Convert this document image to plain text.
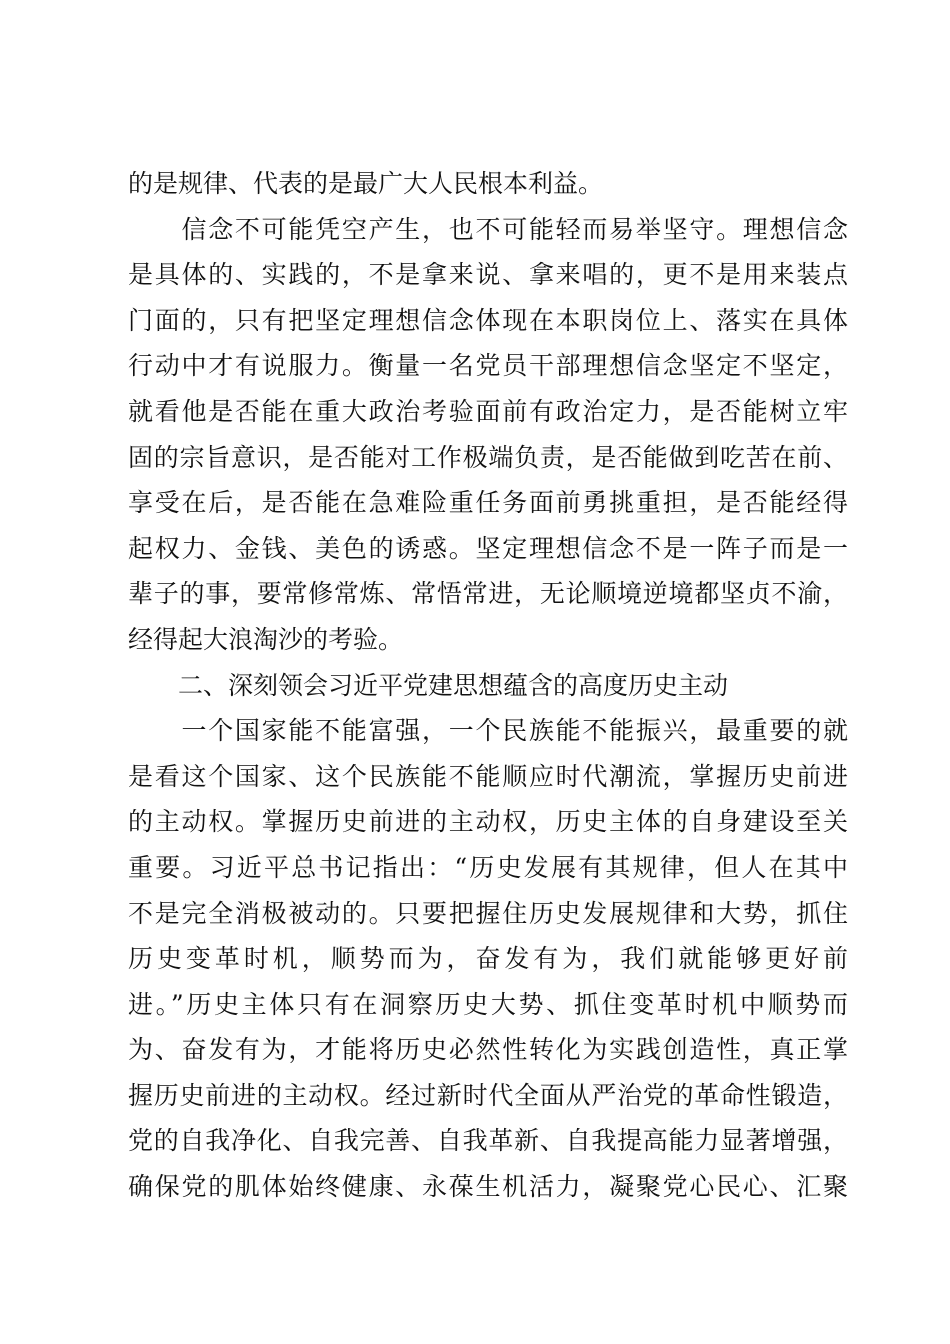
的是规律、代表的是最广大人民根本利益。
　　信念不可能凭空产生，也不可能轻而易举坚守。理想信念
是具体的、实践的，不是拿来说、拿来唱的，更不是用来装点
门面的，只有把坚定理想信念体现在本职岗位上、落实在具体
行动中才有说服力。衡量一名党员干部理想信念坚定不坚定，
就看他是否能在重大政治考验面前有政治定力，是否能树立牢
固的宗旨意识，是否能对工作极端负责，是否能做到吃苦在前、
享受在后，是否能在急难险重任务面前勇挑重担，是否能经得
起权力、金钱、美色的诱惑。坚定理想信念不是一阵子而是一
辈子的事，要常修常炼、常悟常进，无论顺境逆境都坚贞不渝，
经得起大浪淘沙的考验。
　　二、深刻领会习近平党建思想蕴含的高度历史主动
　　一个国家能不能富强，一个民族能不能振兴，最重要的就
是看这个国家、这个民族能不能顺应时代潮流，掌握历史前进
的主动权。掌握历史前进的主动权，历史主体的自身建设至关
重要。习近平总书记指出：“历史发展有其规律，但人在其中
不是完全消极被动的。只要把握住历史发展规律和大势，抓住
历史变革时机，顺势而为，奋发有为，我们就能够更好前
进。”历史主体只有在洞察历史大势、抓住变革时机中顺势而
为、奋发有为，才能将历史必然性转化为实践创造性，真正掌
握历史前进的主动权。经过新时代全面从严治党的革命性锻造，
党的自我净化、自我完善、自我革新、自我提高能力显著增强，
确保党的肌体始终健康、永葆生机活力，凝聚党心民心、汇聚
